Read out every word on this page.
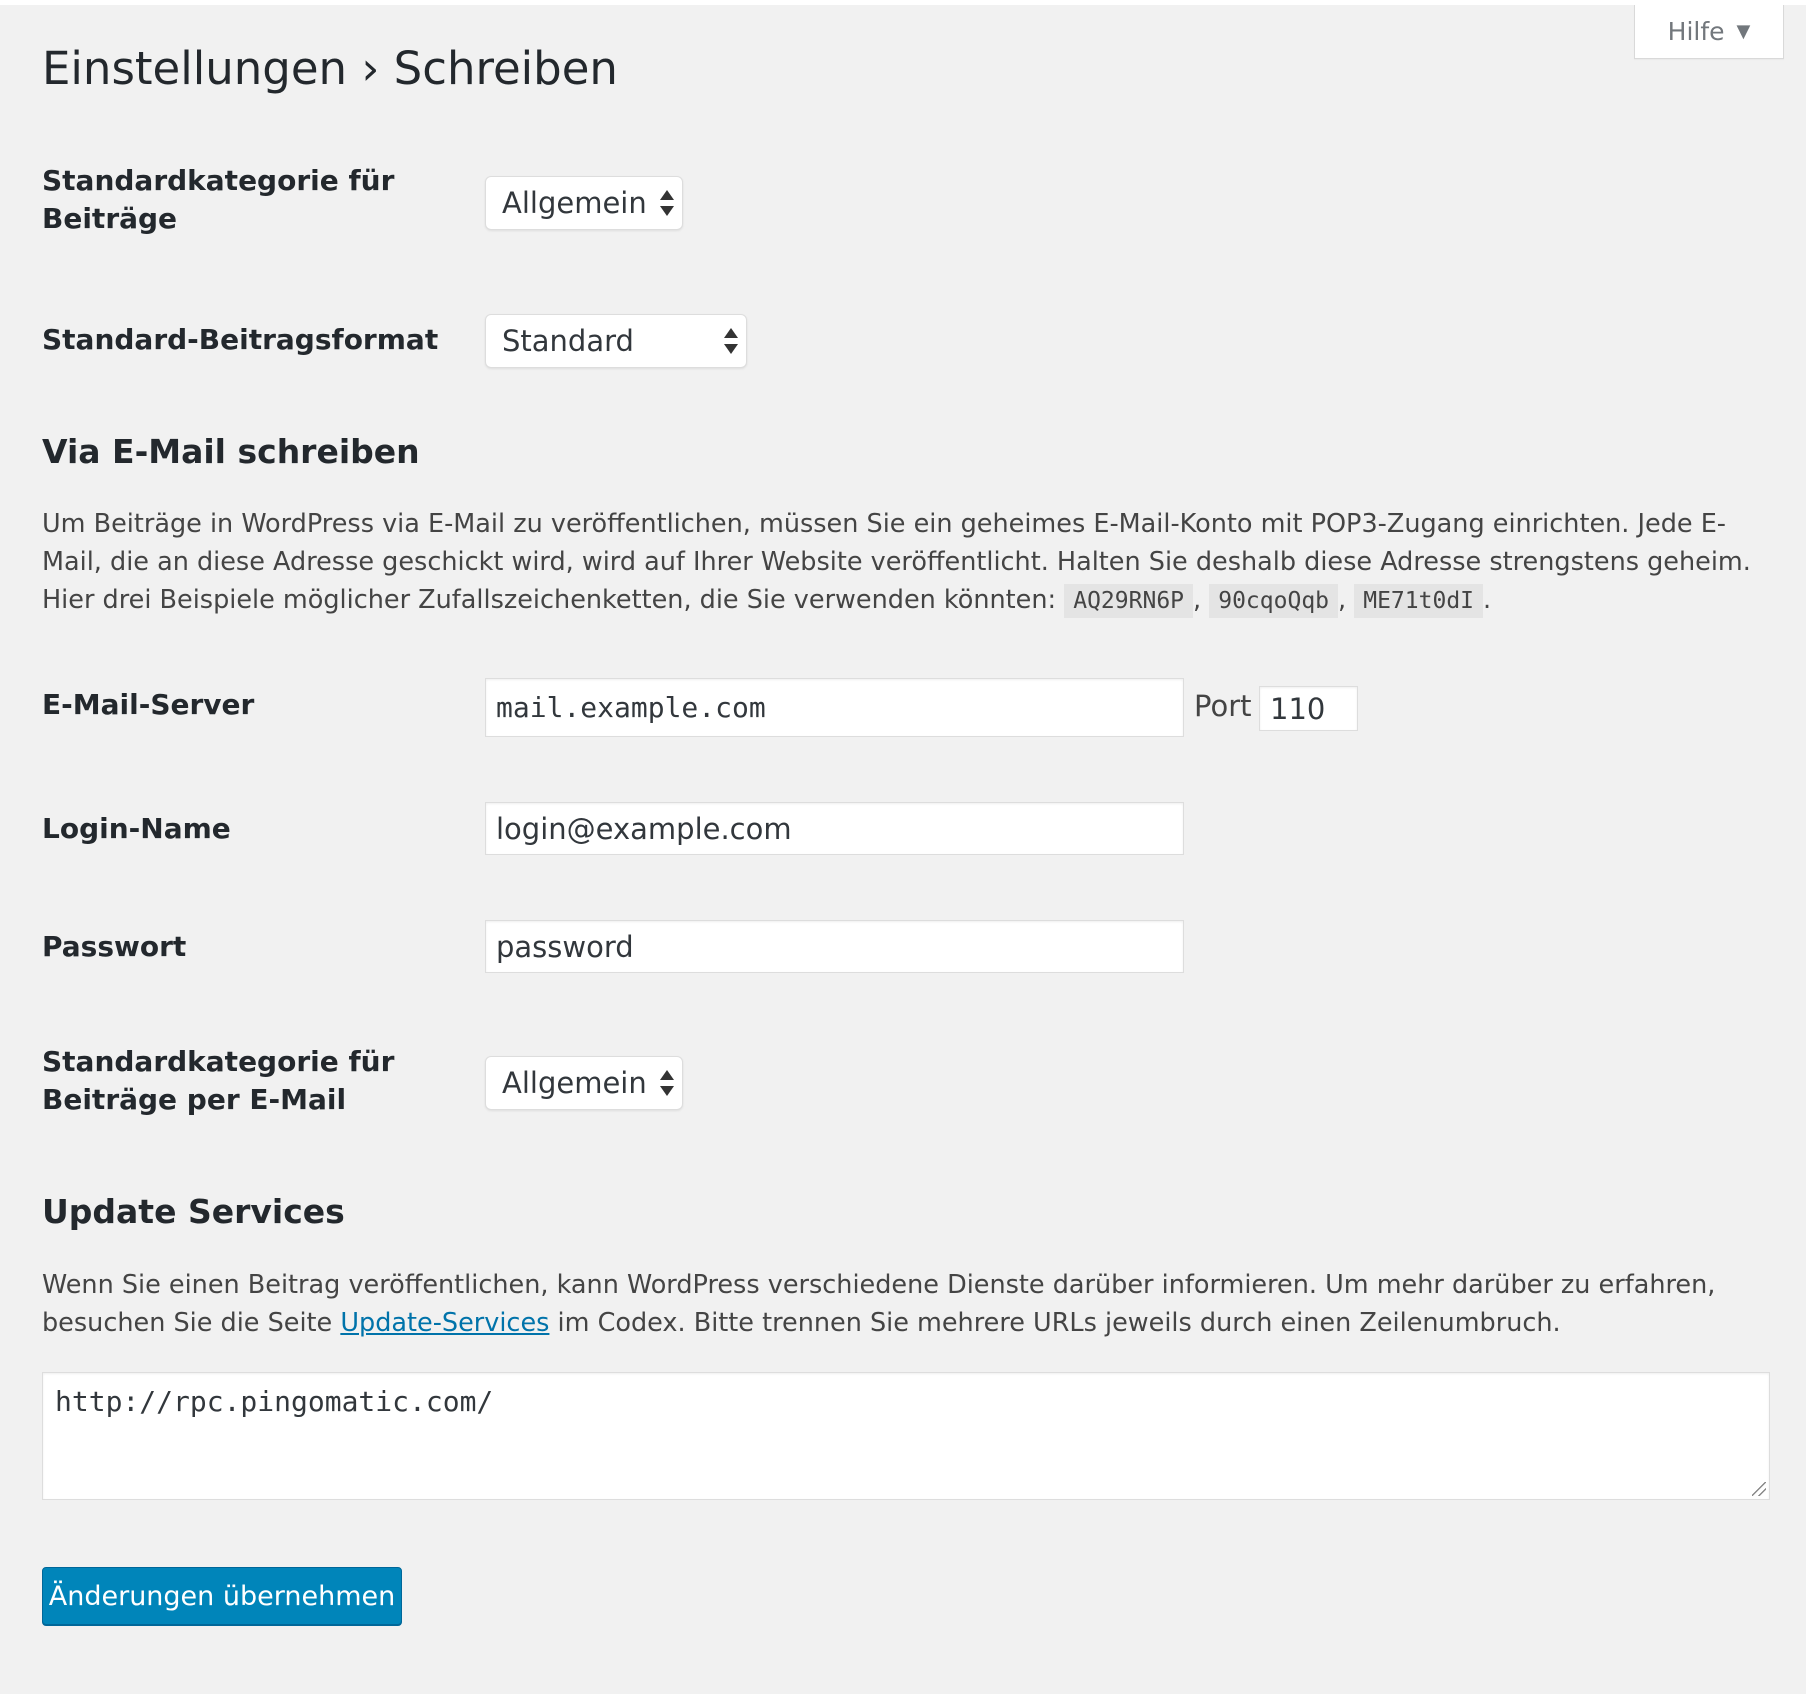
Hilfe ▼
Einstellungen › Schreiben
Standardkategorie für
Beiträge	Allgemein
Standard-Beitragsformat Standard
Via E-Mail schreiben
Um Beiträge in WordPress via E-Mail zu veröffentlichen, müssen Sie ein geheimes E-Mail-Konto mit POP3-Zugang einrichten. Jede E-Mail, die an diese Adresse geschickt wird, wird auf Ihrer Website veröffentlicht. Halten Sie deshalb diese Adresse strengstens geheim. Hier drei Beispiele möglicher Zufallszeichenketten, die Sie verwenden könnten: AQ29RN6P , 90cqoQqb , ME71t0dI .
E-Mail-Server	mail.example.com	Port 110
Login-Name	login@example.com
Passwort	password
Standardkategorie für
Beiträge per E-Mail	Allgemein
Update Services
Wenn Sie einen Beitrag veröffentlichen, kann WordPress verschiedene Dienste darüber informieren. Um mehr darüber zu erfahren, besuchen Sie die Seite Update-Services im Codex. Bitte trennen Sie mehrere URLs jeweils durch einen Zeilenumbruch.
http://rpc.pingomatic.com/
Änderungen übernehmen
